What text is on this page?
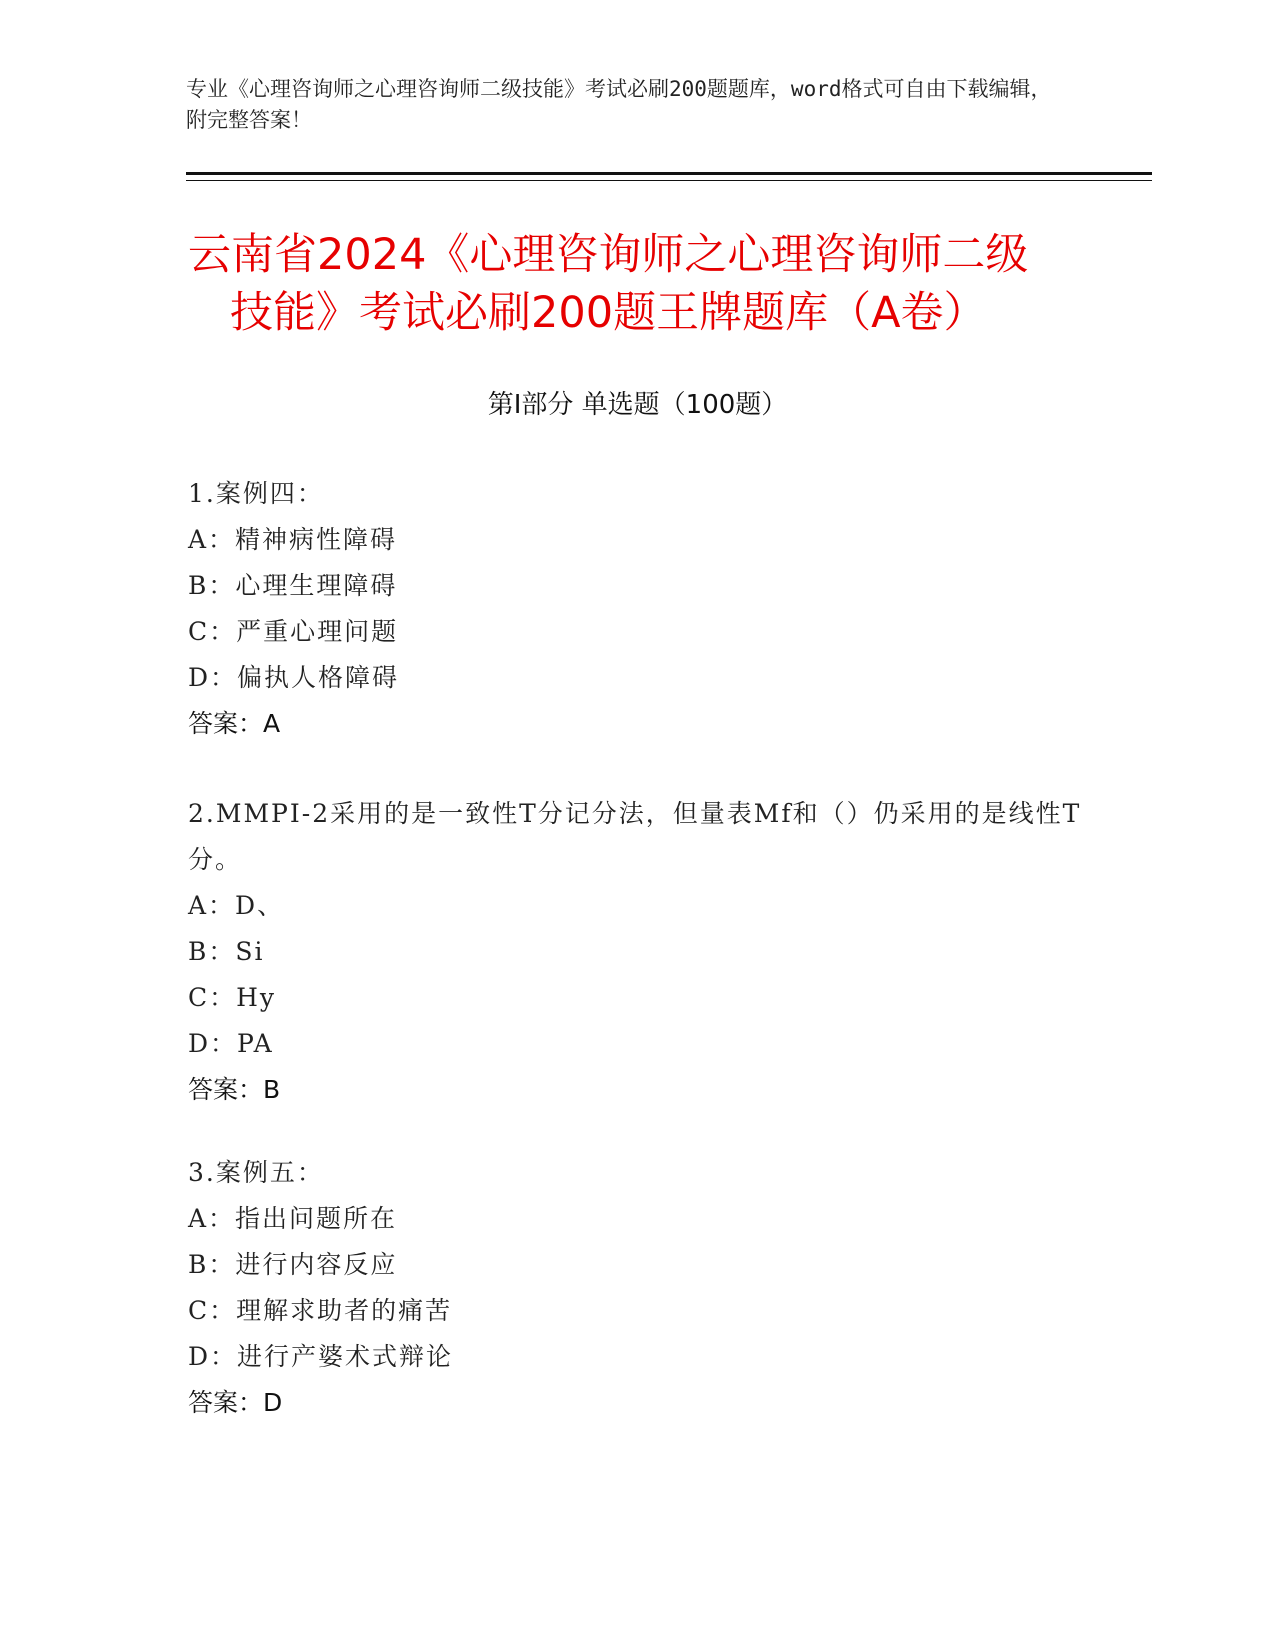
专业《心理咨询师之心理咨询师二级技能》考试必刷200题题库，word格式可自由下载编辑，附完整答案！
云南省2024《心理咨询师之心理咨询师二级
技能》考试必刷200题王牌题库（A卷）
第Ⅰ部分 单选题（100题）
1.案例四：
A：精神病性障碍
B：心理生理障碍
C：严重心理问题
D：偏执人格障碍
答案：A
2.MMPI-2采用的是一致性T分记分法，但量表Mf和（）仍采用的是线性T分。
A：D、
B：Si
C：Hy
D：PA
答案：B
3.案例五：
A：指出问题所在
B：进行内容反应
C：理解求助者的痛苦
D：进行产婆术式辩论
答案：D
